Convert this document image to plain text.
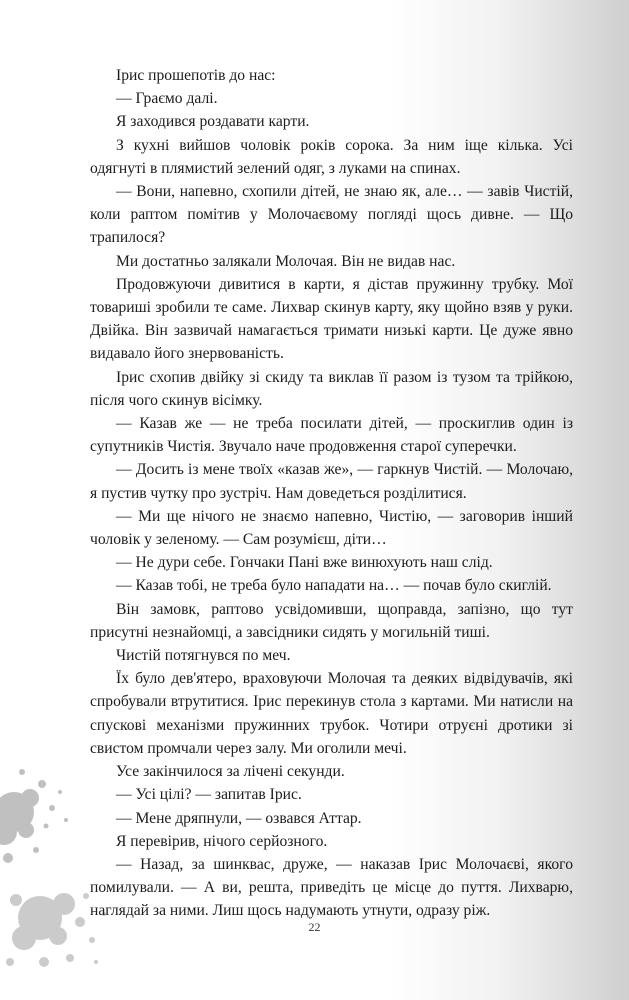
Ірис прошепотів до нас:

— Граємо далі.

Я заходився роздавати карти.

З кухні вийшов чоловік років сорока. За ним іще кілька. Усі одягнуті в плямистий зелений одяг, з луками на спинах.

— Вони, напевно, схопили дітей, не знаю як, але… — завів Чистій, коли раптом помітив у Молочаєвому погляді щось дивне. — Що трапилося?

Ми достатньо залякали Молочая. Він не видав нас.

Продовжуючи дивитися в карти, я дістав пружинну трубку. Мої товариші зробили те саме. Лихвар скинув карту, яку щойно взяв у руки. Двійка. Він зазвичай намагається тримати низькі карти. Це дуже явно видавало його знервованість.

Ірис схопив двійку зі скиду та виклав її разом із тузом та трійкою, після чого скинув вісімку.

— Казав же — не треба посилати дітей, — проскиглив один із супутників Чистія. Звучало наче продовження старої суперечки.

— Досить із мене твоїх «казав же», — гаркнув Чистій. — Молочаю, я пустив чутку про зустріч. Нам доведеться розділитися.

— Ми ще нічого не знаємо напевно, Чистію, — заговорив інший чоловік у зеленому. — Сам розумієш, діти…

— Не дури себе. Гончаки Пані вже винюхують наш слід.

— Казав тобі, не треба було нападати на… — почав було скиглій.

Він замовк, раптово усвідомивши, щоправда, запізно, що тут присутні незнайомці, а завсідники сидять у могильній тиші.

Чистій потягнувся по меч.

Їх було дев'ятеро, враховуючи Молочая та деяких відвідувачів, які спробували втрутитися. Ірис перекинув стола з картами. Ми натисли на спускові механізми пружинних трубок. Чотири отруєні дротики зі свистом промчали через залу. Ми оголили мечі.

Усе закінчилося за лічені секунди.

— Усі цілі? — запитав Ірис.

— Мене дряпнули, — озвався Аттар.

Я перевірив, нічого серйозного.

— Назад, за шинквас, друже, — наказав Ірис Молочаєві, якого помилували. — А ви, решта, приведіть це місце до пуття. Лихварю, наглядай за ними. Лиш щось надумають утнути, одразу ріж.

22
